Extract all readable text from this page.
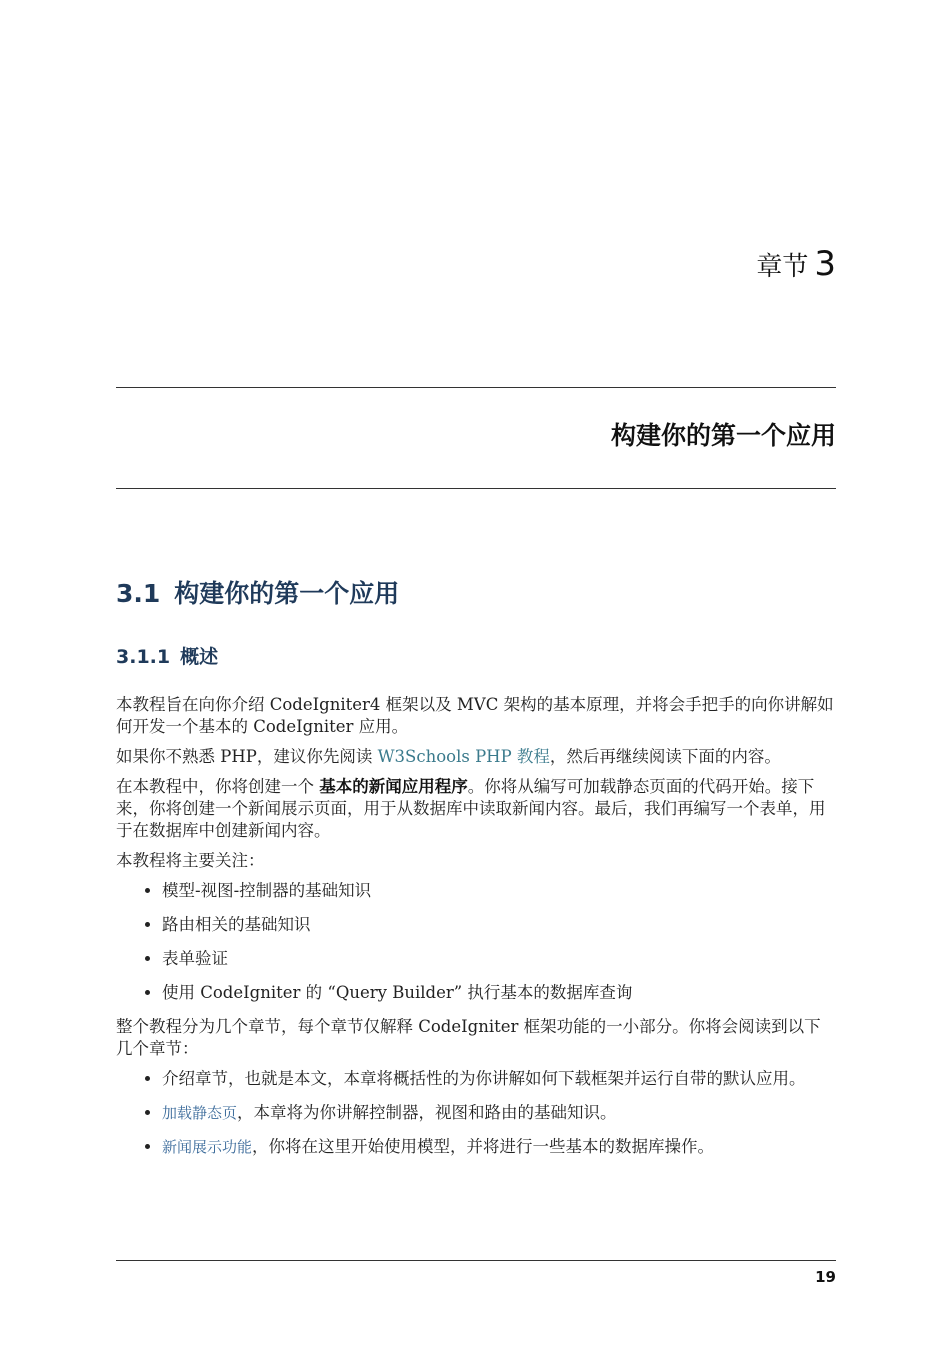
章节 3
构建你的第一个应用
3.1 构建你的第一个应用
3.1.1 概述

本教程旨在向你介绍 CodeIgniter4 框架以及 MVC 架构的基本原理，并将会手把手的向你讲解如何开发一个基本的 CodeIgniter 应用。

如果你不熟悉 PHP，建议你先阅读 W3Schools PHP 教程，然后再继续阅读下面的内容。

在本教程中，你将创建一个 基本的新闻应用程序。你将从编写可加载静态页面的代码开始。接下来，你将创建一个新闻展示页面，用于从数据库中读取新闻内容。最后，我们再编写一个表单，用于在数据库中创建新闻内容。

本教程将主要关注：

• 模型-视图-控制器的基础知识
• 路由相关的基础知识
• 表单验证
• 使用 CodeIgniter 的 “Query Builder” 执行基本的数据库查询

整个教程分为几个章节，每个章节仅解释 CodeIgniter 框架功能的一小部分。你将会阅读到以下几个章节：

• 介绍章节，也就是本文，本章将概括性的为你讲解如何下载框架并运行自带的默认应用。
• 加载静态页，本章将为你讲解控制器，视图和路由的基础知识。
• 新闻展示功能，你将在这里开始使用模型，并将进行一些基本的数据库操作。
19
